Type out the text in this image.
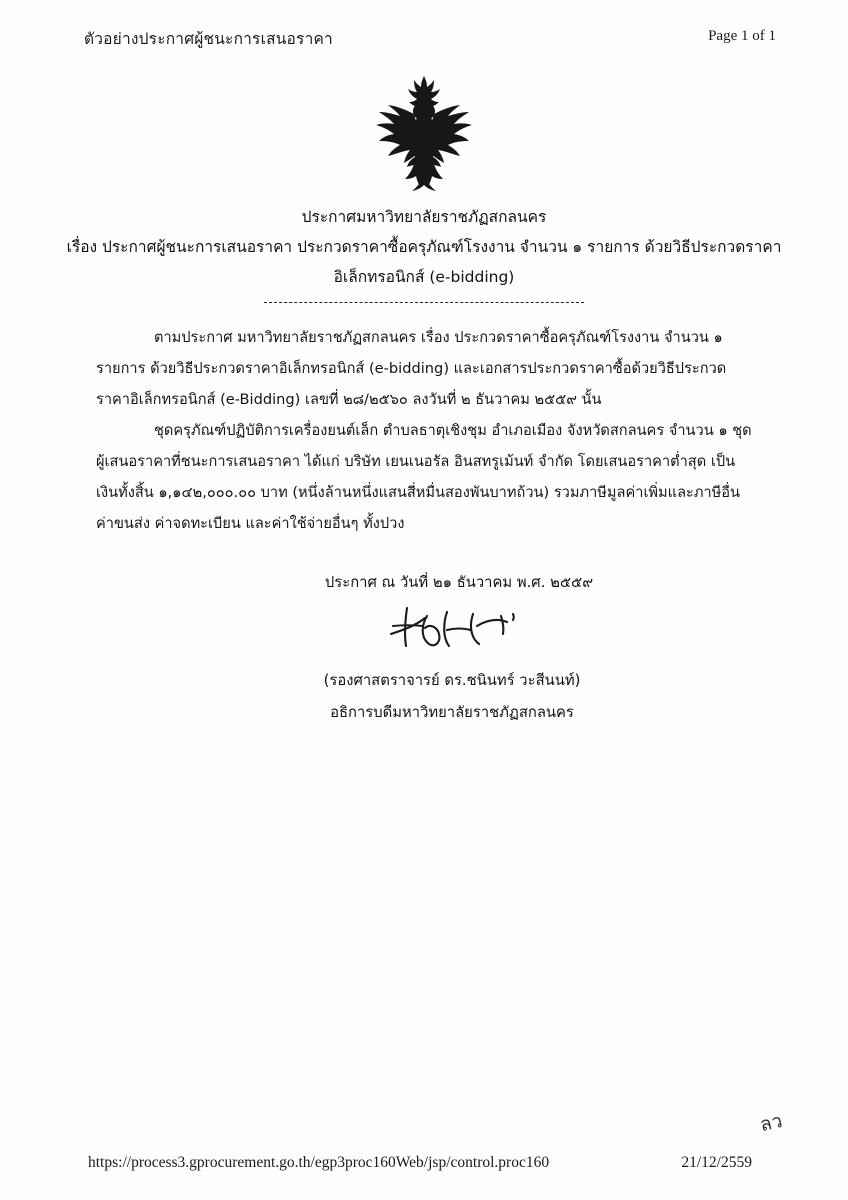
ตัวอย่างประกาศผู้ชนะการเสนอราคา	Page 1 of 1
ประกาศมหาวิทยาลัยราชภัฏสกลนคร
เรื่อง ประกาศผู้ชนะการเสนอราคา ประกวดราคาซื้อครุภัณฑ์โรงงาน จำนวน ๑ รายการ ด้วยวิธีประกวดราคา
อิเล็กทรอนิกส์ (e-bidding)

ตามประกาศ มหาวิทยาลัยราชภัฏสกลนคร เรื่อง ประกวดราคาซื้อครุภัณฑ์โรงงาน จำนวน ๑ รายการ ด้วยวิธีประกวดราคาอิเล็กทรอนิกส์ (e-bidding) และเอกสารประกวดราคาซื้อด้วยวิธีประกวดราคาอิเล็กทรอนิกส์ (e-Bidding) เลขที่ ๒๘/๒๕๖๐ ลงวันที่ ๒ ธันวาคม ๒๕๕๙ นั้น

ชุดครุภัณฑ์ปฏิบัติการเครื่องยนต์เล็ก ตำบลธาตุเชิงชุม อำเภอเมือง จังหวัดสกลนคร จำนวน ๑ ชุด ผู้เสนอราคาที่ชนะการเสนอราคา ได้แก่ บริษัท เยนเนอรัล อินสทรูเม้นท์ จำกัด โดยเสนอราคาต่ำสุด เป็นเงินทั้งสิ้น ๑,๑๔๒,๐๐๐.๐๐ บาท (หนึ่งล้านหนึ่งแสนสี่หมื่นสองพันบาทถ้วน) รวมภาษีมูลค่าเพิ่มและภาษีอื่น ค่าขนส่ง ค่าจดทะเบียน และค่าใช้จ่ายอื่นๆ ทั้งปวง

ประกาศ ณ วันที่ ๒๑ ธันวาคม พ.ศ. ๒๕๕๙
(รองศาสตราจารย์ ดร.ชนินทร์ วะสีนนท์)
อธิการบดีมหาวิทยาลัยราชภัฏสกลนคร
ลว
https://process3.gprocurement.go.th/egp3proc160Web/jsp/control.proc160	21/12/2559
